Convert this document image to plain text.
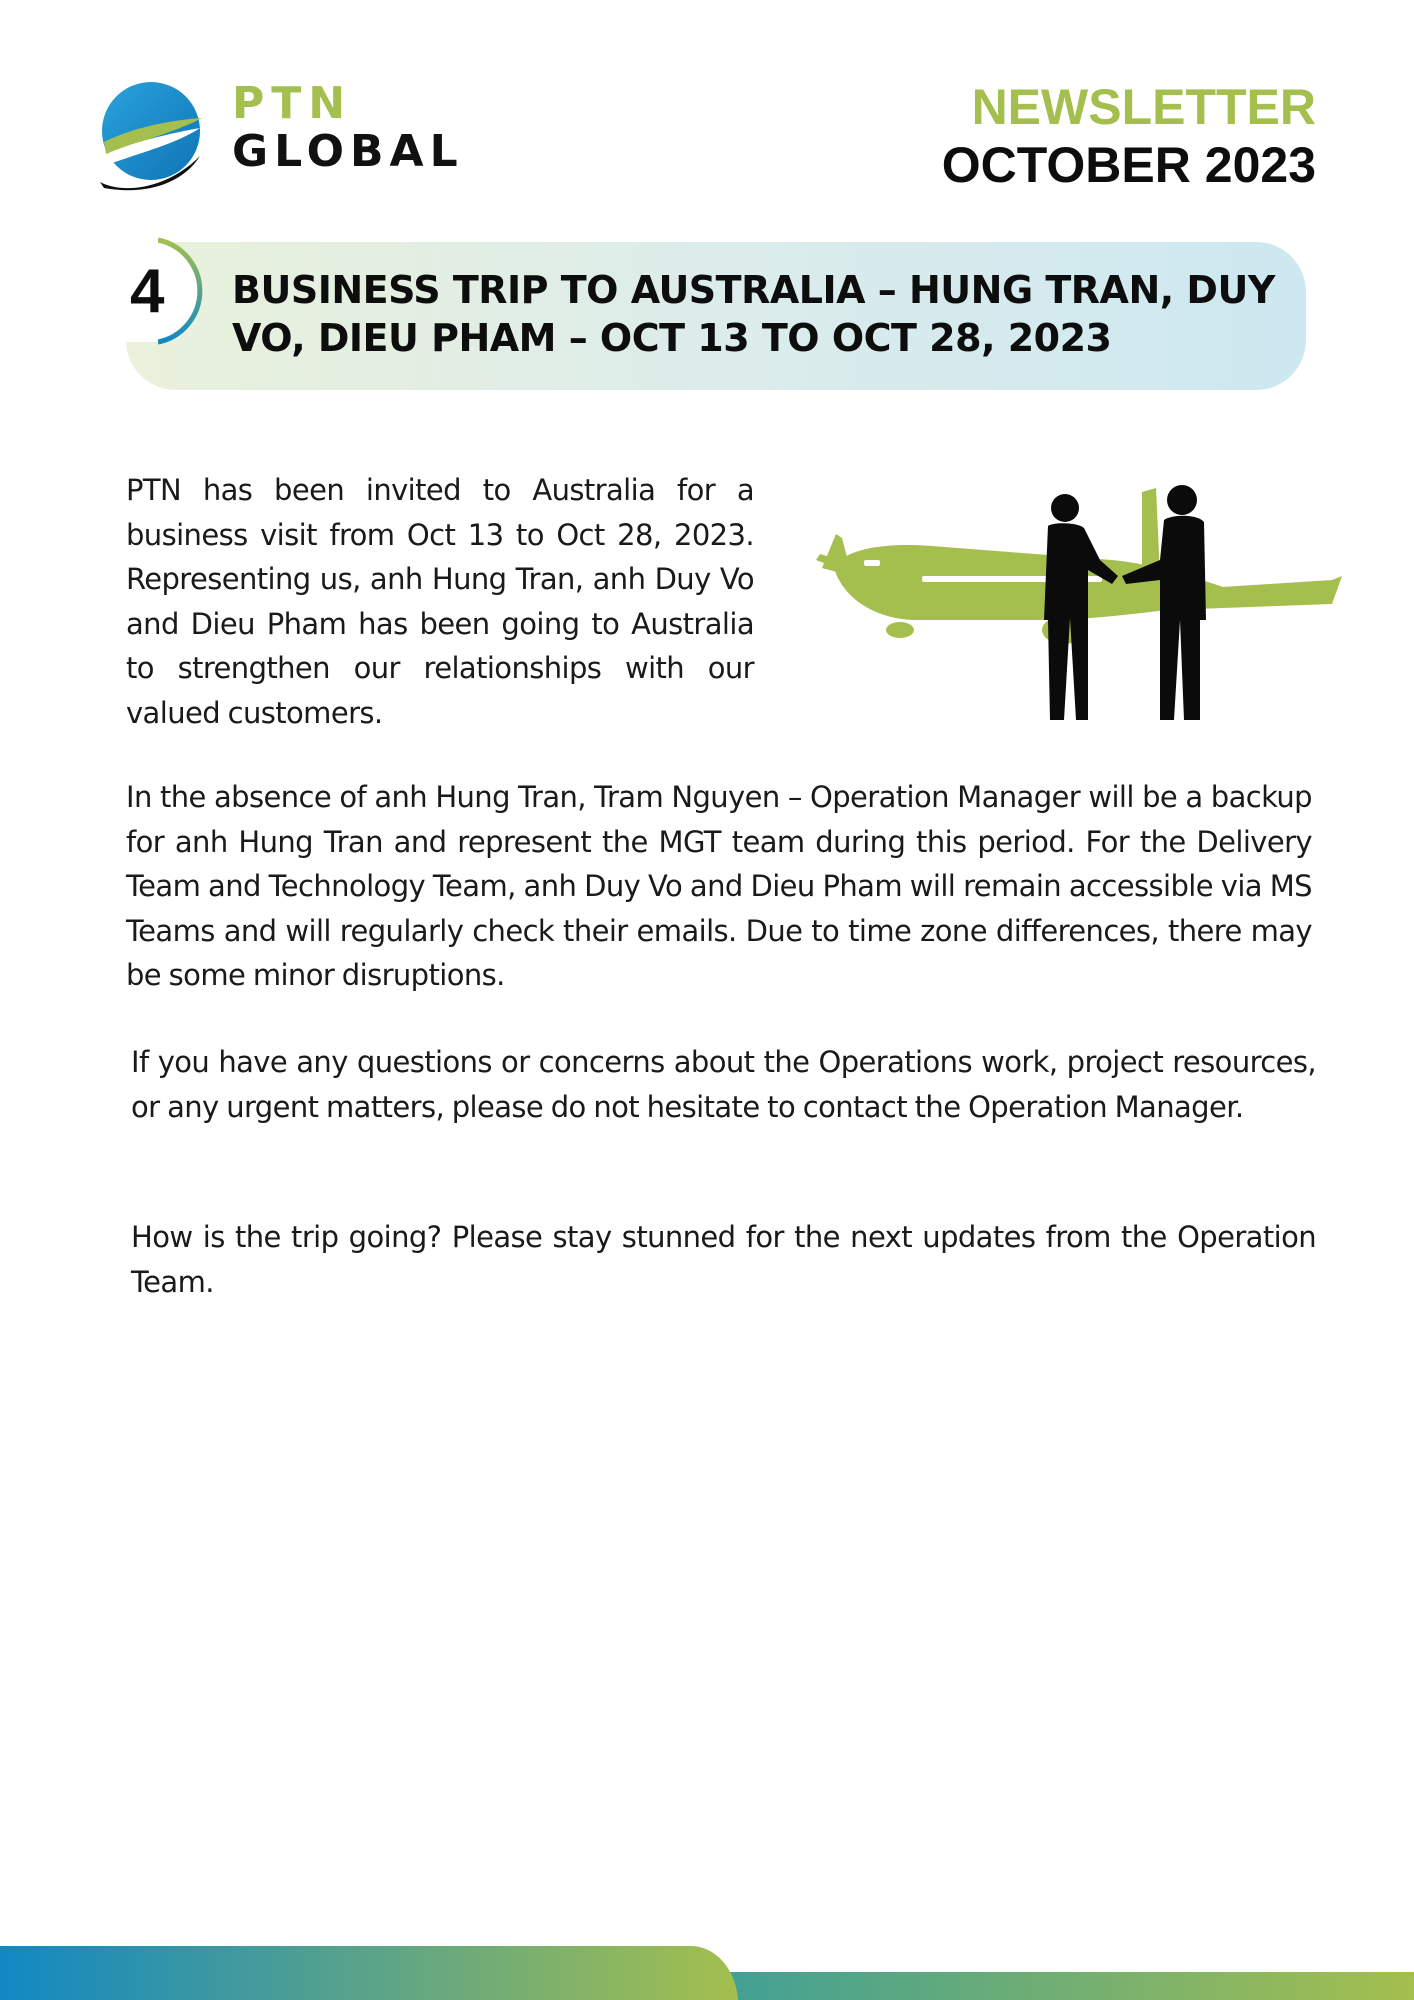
PTN
GLOBAL
NEWSLETTER
OCTOBER 2023
4 BUSINESS TRIP TO AUSTRALIA – HUNG TRAN, DUY VO, DIEU PHAM – OCT 13 TO OCT 28, 2023

PTN has been invited to Australia for a business visit from Oct 13 to Oct 28, 2023. Representing us, anh Hung Tran, anh Duy Vo and Dieu Pham has been going to Australia to strengthen our relationships with our valued customers.

In the absence of anh Hung Tran, Tram Nguyen – Operation Manager will be a backup for anh Hung Tran and represent the MGT team during this period. For the Delivery Team and Technology Team, anh Duy Vo and Dieu Pham will remain accessible via MS Teams and will regularly check their emails. Due to time zone differences, there may be some minor disruptions.

If you have any questions or concerns about the Operations work, project resources, or any urgent matters, please do not hesitate to contact the Operation Manager.

How is the trip going? Please stay stunned for the next updates from the Operation Team.
